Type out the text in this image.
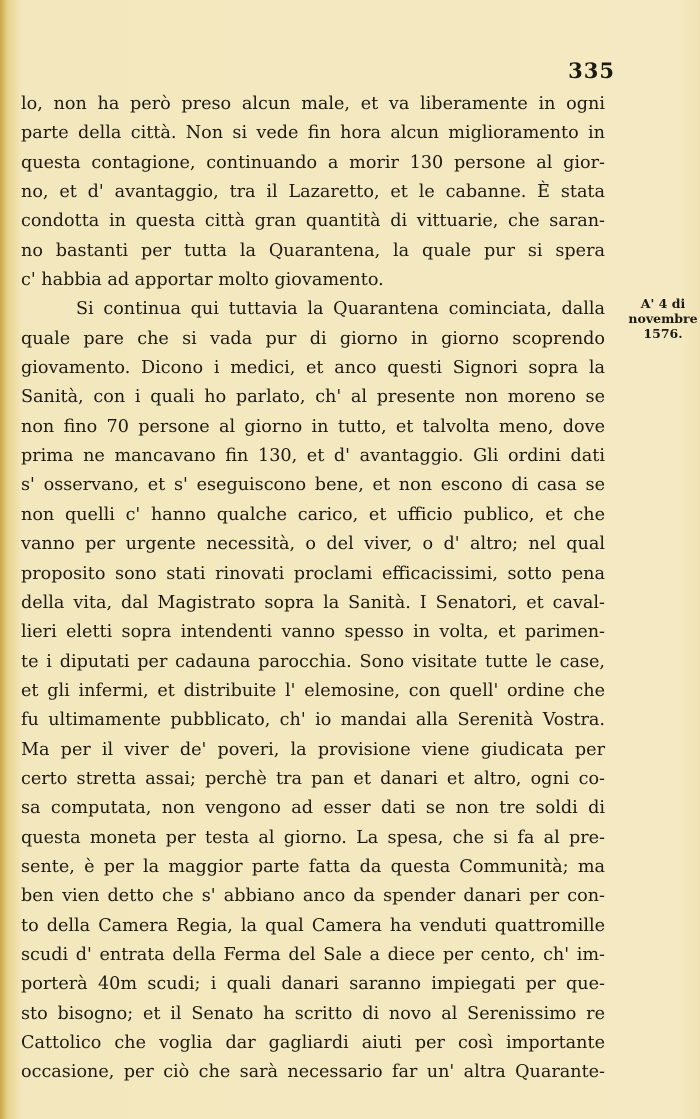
335
A' 4 di
novembre
1576.
lo, non ha però preso alcun male, et va liberamente in ogni
parte della città. Non si vede fin hora alcun miglioramento in
questa contagione, continuando a morir 130 persone al gior-
no, et d' avantaggio, tra il Lazaretto, et le cabanne. È stata
condotta in questa città gran quantità di vittuarie, che saran-
no bastanti per tutta la Quarantena, la quale pur si spera
c' habbia ad apportar molto giovamento.
Si continua qui tuttavia la Quarantena cominciata, dalla
quale pare che si vada pur di giorno in giorno scoprendo
giovamento. Dicono i medici, et anco questi Signori sopra la
Sanità, con i quali ho parlato, ch' al presente non moreno se
non fino 70 persone al giorno in tutto, et talvolta meno, dove
prima ne mancavano fin 130, et d' avantaggio. Gli ordini dati
s' osservano, et s' eseguiscono bene, et non escono di casa se
non quelli c' hanno qualche carico, et ufficio publico, et che
vanno per urgente necessità, o del viver, o d' altro; nel qual
proposito sono stati rinovati proclami efficacissimi, sotto pena
della vita, dal Magistrato sopra la Sanità. I Senatori, et caval-
lieri eletti sopra intendenti vanno spesso in volta, et parimen-
te i diputati per cadauna parocchia. Sono visitate tutte le case,
et gli infermi, et distribuite l' elemosine, con quell' ordine che
fu ultimamente pubblicato, ch' io mandai alla Serenità Vostra.
Ma per il viver de' poveri, la provisione viene giudicata per
certo stretta assai; perchè tra pan et danari et altro, ogni co-
sa computata, non vengono ad esser dati se non tre soldi di
questa moneta per testa al giorno. La spesa, che si fa al pre-
sente, è per la maggior parte fatta da questa Communità; ma
ben vien detto che s' abbiano anco da spender danari per con-
to della Camera Regia, la qual Camera ha venduti quattromille
scudi d' entrata della Ferma del Sale a diece per cento, ch' im-
porterà 40m scudi; i quali danari saranno impiegati per que-
sto bisogno; et il Senato ha scritto di novo al Serenissimo re
Cattolico che voglia dar gagliardi aiuti per così importante
occasione, per ciò che sarà necessario far un' altra Quarante-
